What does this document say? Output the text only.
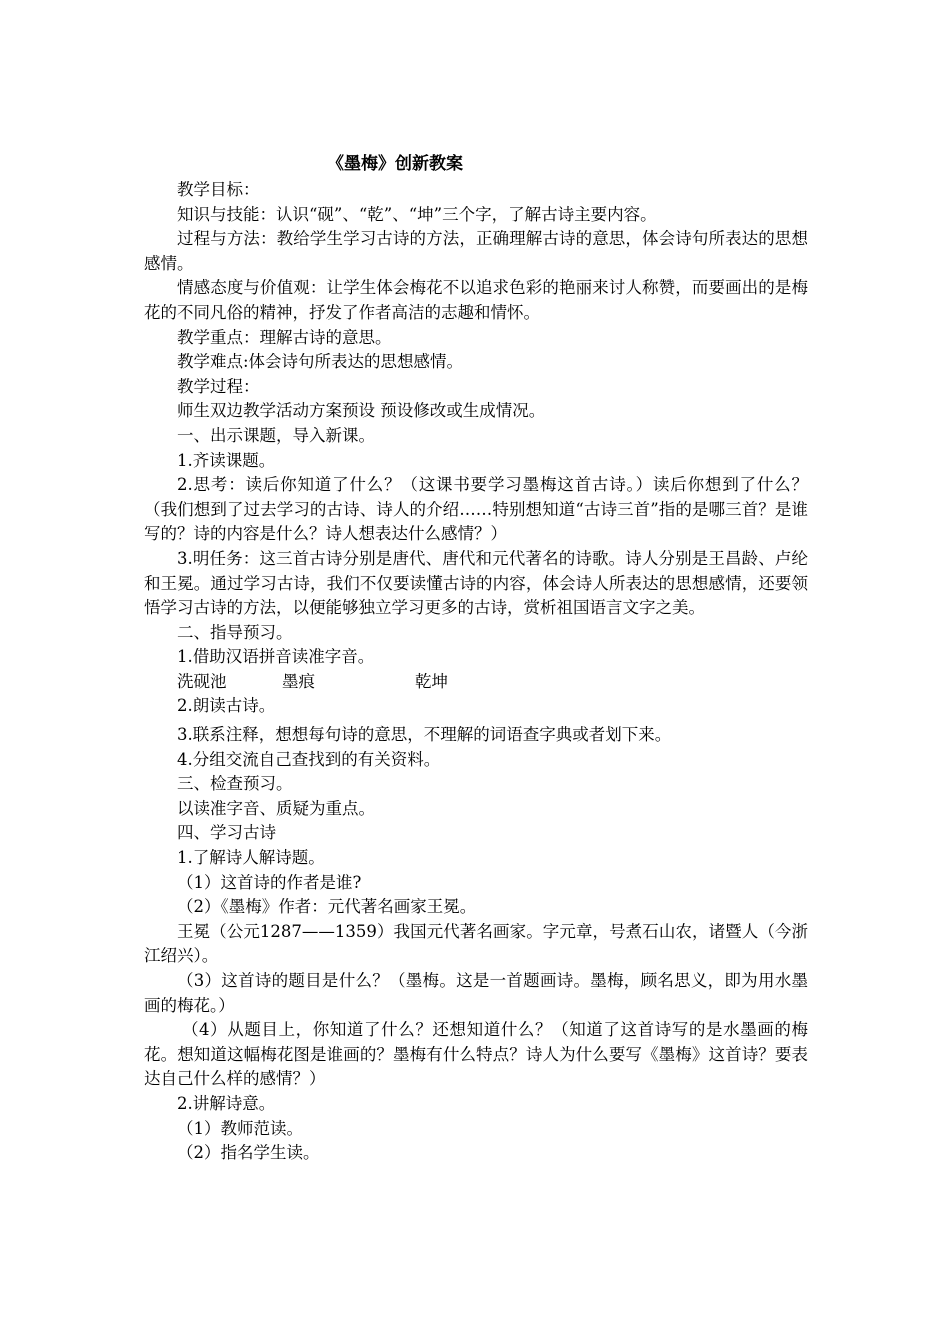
《墨梅》创新教案

教学目标：

知识与技能：认识“砚”、“乾”、“坤”三个字，了解古诗主要内容。

过程与方法：教给学生学习古诗的方法，正确理解古诗的意思，体会诗句所表达的思想感情。

情感态度与价值观：让学生体会梅花不以追求色彩的艳丽来讨人称赞，而要画出的是梅花的不同凡俗的精神，抒发了作者高洁的志趣和情怀。

教学重点：理解古诗的意思。

教学难点:体会诗句所表达的思想感情。

教学过程：

师生双边教学活动方案预设 预设修改或生成情况。

一、出示课题，导入新课。

1.齐读课题。

2.思考：读后你知道了什么？（这课书要学习墨梅这首古诗。）读后你想到了什么？（我们想到了过去学习的古诗、诗人的介绍……特别想知道“古诗三首”指的是哪三首？是谁写的？诗的内容是什么？诗人想表达什么感情？）

3.明任务：这三首古诗分别是唐代、唐代和元代著名的诗歌。诗人分别是王昌龄、卢纶和王冕。通过学习古诗，我们不仅要读懂古诗的内容，体会诗人所表达的思想感情，还要领悟学习古诗的方法，以便能够独立学习更多的古诗，赏析祖国语言文字之美。

二、指导预习。

1.借助汉语拼音读准字音。

洗砚池	墨痕	乾坤

2.朗读古诗。

3.联系注释，想想每句诗的意思，不理解的词语查字典或者划下来。

4.分组交流自己查找到的有关资料。

三、检查预习。

以读准字音、质疑为重点。

四、学习古诗

1.了解诗人解诗题。

（1）这首诗的作者是谁?

（2）《墨梅》作者：元代著名画家王冕。

王冕（公元1287——1359）我国元代著名画家。字元章，号煮石山农，诸暨人（今浙江绍兴）。

（3）这首诗的题目是什么？（墨梅。这是一首题画诗。墨梅，顾名思义，即为用水墨画的梅花。）

（4）从题目上，你知道了什么？还想知道什么？（知道了这首诗写的是水墨画的梅花。想知道这幅梅花图是谁画的？墨梅有什么特点？诗人为什么要写《墨梅》这首诗？要表达自己什么样的感情？）

2.讲解诗意。

（1）教师范读。

（2）指名学生读。
